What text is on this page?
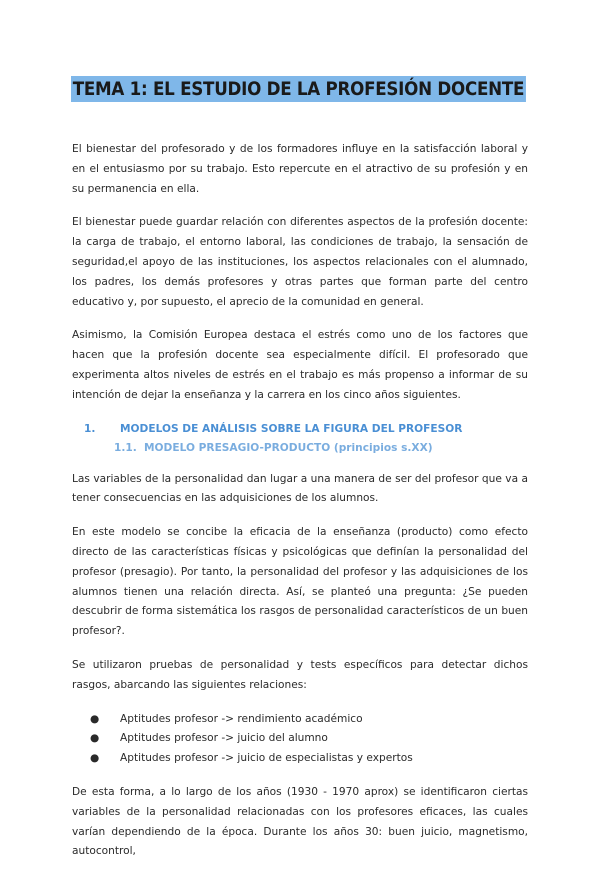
TEMA 1: EL ESTUDIO DE LA PROFESIÓN DOCENTE

El bienestar del profesorado y de los formadores influye en la satisfacción laboral y en el entusiasmo por su trabajo. Esto repercute en el atractivo de su profesión y en su permanencia en ella.

El bienestar puede guardar relación con diferentes aspectos de la profesión docente: la carga de trabajo, el entorno laboral, las condiciones de trabajo, la sensación de seguridad,el apoyo de las instituciones, los aspectos relacionales con el alumnado, los padres, los demás profesores y otras partes que forman parte del centro educativo y, por supuesto, el aprecio de la comunidad en general.

Asimismo, la Comisión Europea destaca el estrés como uno de los factores que hacen que la profesión docente sea especialmente difícil. El profesorado que experimenta altos niveles de estrés en el trabajo es más propenso a informar de su intención de dejar la enseñanza y la carrera en los cinco años siguientes.

1. MODELOS DE ANÁLISIS SOBRE LA FIGURA DEL PROFESOR
1.1. MODELO PRESAGIO-PRODUCTO (principios s.XX)

Las variables de la personalidad dan lugar a una manera de ser del profesor que va a tener consecuencias en las adquisiciones de los alumnos.

En este modelo se concibe la eficacia de la enseñanza (producto) como efecto directo de las características físicas y psicológicas que definían la personalidad del profesor (presagio). Por tanto, la personalidad del profesor y las adquisiciones de los alumnos tienen una relación directa. Así, se planteó una pregunta: ¿Se pueden descubrir de forma sistemática los rasgos de personalidad característicos de un buen profesor?.

Se utilizaron pruebas de personalidad y tests específicos para detectar dichos rasgos, abarcando las siguientes relaciones:

● Aptitudes profesor -> rendimiento académico
● Aptitudes profesor -> juicio del alumno
● Aptitudes profesor -> juicio de especialistas y expertos

De esta forma, a lo largo de los años (1930 - 1970 aprox) se identificaron ciertas variables de la personalidad relacionadas con los profesores eficaces, las cuales varían dependiendo de la época. Durante los años 30: buen juicio, magnetismo, autocontrol,
